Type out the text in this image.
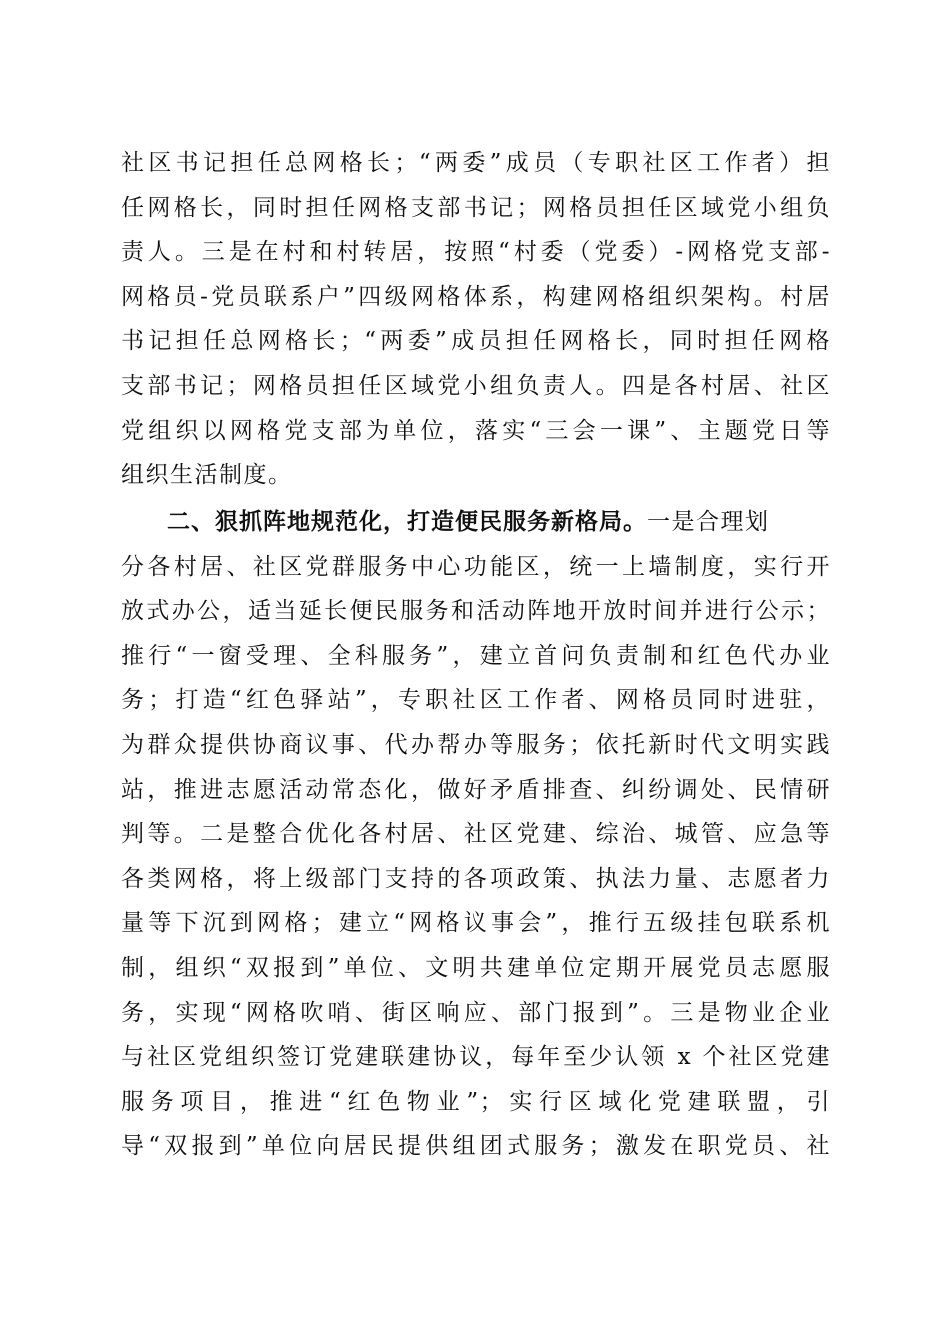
社区书记担任总网格长；“两委”成员（专职社区工作者）担
任网格长，同时担任网格支部书记；网格员担任区域党小组负
责人。三是在村和村转居，按照“村委（党委）-网格党支部-
网格员-党员联系户”四级网格体系，构建网格组织架构。村居
书记担任总网格长；“两委”成员担任网格长，同时担任网格
支部书记；网格员担任区域党小组负责人。四是各村居、社区
党组织以网格党支部为单位，落实“三会一课”、主题党日等
组织生活制度。
二、狠抓阵地规范化，打造便民服务新格局。一是合理划
分各村居、社区党群服务中心功能区，统一上墙制度，实行开
放式办公，适当延长便民服务和活动阵地开放时间并进行公示；
推行“一窗受理、全科服务”，建立首问负责制和红色代办业
务；打造“红色驿站”，专职社区工作者、网格员同时进驻，
为群众提供协商议事、代办帮办等服务；依托新时代文明实践
站，推进志愿活动常态化，做好矛盾排查、纠纷调处、民情研
判等。二是整合优化各村居、社区党建、综治、城管、应急等
各类网格，将上级部门支持的各项政策、执法力量、志愿者力
量等下沉到网格；建立“网格议事会”，推行五级挂包联系机
制，组织“双报到”单位、文明共建单位定期开展党员志愿服
务，实现“网格吹哨、街区响应、部门报到”。三是物业企业
与社区党组织签订党建联建协议，每年至少认领 x 个社区党建
服务项目，推进“红色物业”；实行区域化党建联盟，引
导“双报到”单位向居民提供组团式服务；激发在职党员、社
